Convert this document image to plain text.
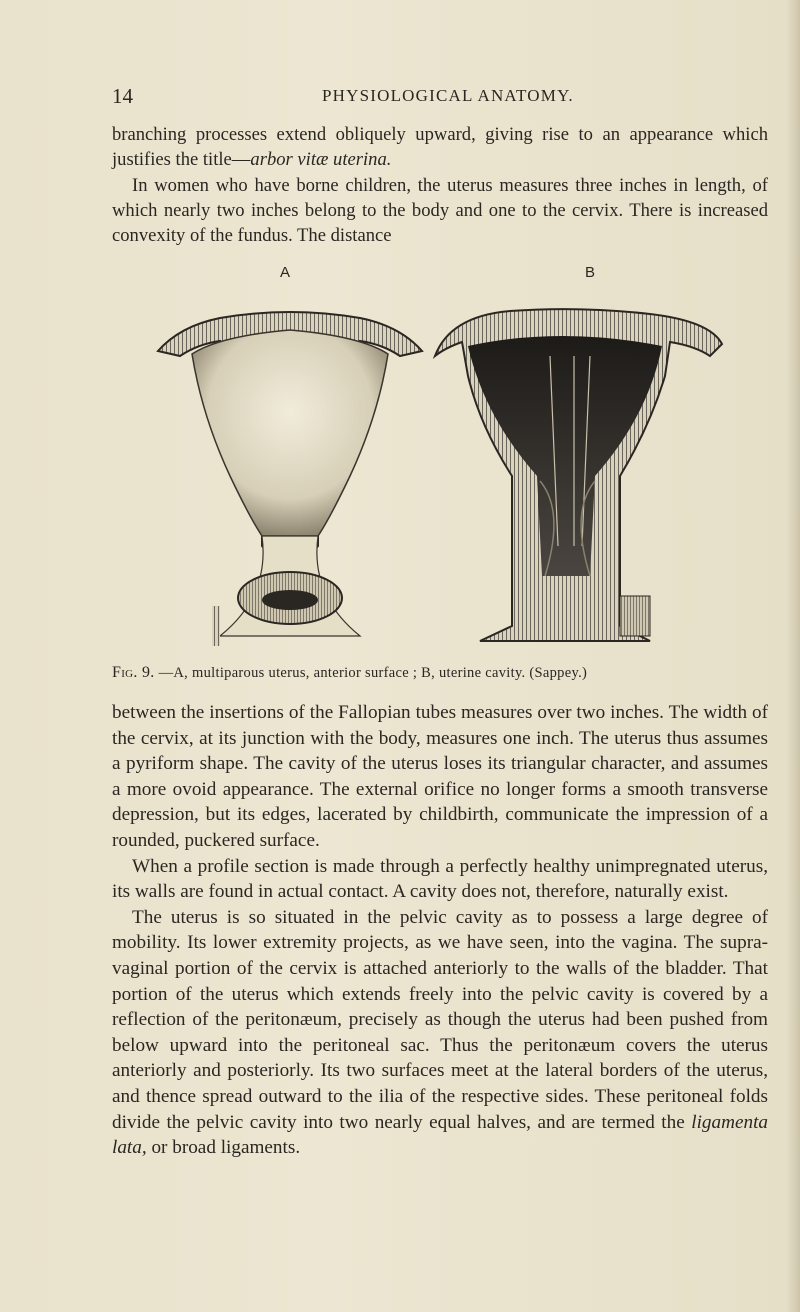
14	PHYSIOLOGICAL ANATOMY.

branching processes extend obliquely upward, giving rise to an appearance which justifies the title—arbor vitæ uterina.

In women who have borne children, the uterus measures three inches in length, of which nearly two inches belong to the body and one to the cervix. There is increased convexity of the fundus. The distance

A	B
Fig. 9. —A, multiparous uterus, anterior surface ; B, uterine cavity. (Sappey.)

between the insertions of the Fallopian tubes measures over two inches. The width of the cervix, at its junction with the body, measures one inch. The uterus thus assumes a pyriform shape. The cavity of the uterus loses its triangular character, and assumes a more ovoid appearance. The external orifice no longer forms a smooth transverse depression, but its edges, lacerated by childbirth, communicate the impression of a rounded, puckered surface.

When a profile section is made through a perfectly healthy unimpregnated uterus, its walls are found in actual contact. A cavity does not, therefore, naturally exist.

The uterus is so situated in the pelvic cavity as to possess a large degree of mobility. Its lower extremity projects, as we have seen, into the vagina. The supra-vaginal portion of the cervix is attached anteriorly to the walls of the bladder. That portion of the uterus which extends freely into the pelvic cavity is covered by a reflection of the peritonæum, precisely as though the uterus had been pushed from below upward into the peritoneal sac. Thus the peritonæum covers the uterus anteriorly and posteriorly. Its two surfaces meet at the lateral borders of the uterus, and thence spread outward to the ilia of the respective sides. These peritoneal folds divide the pelvic cavity into two nearly equal halves, and are termed the ligamenta lata, or broad ligaments.
